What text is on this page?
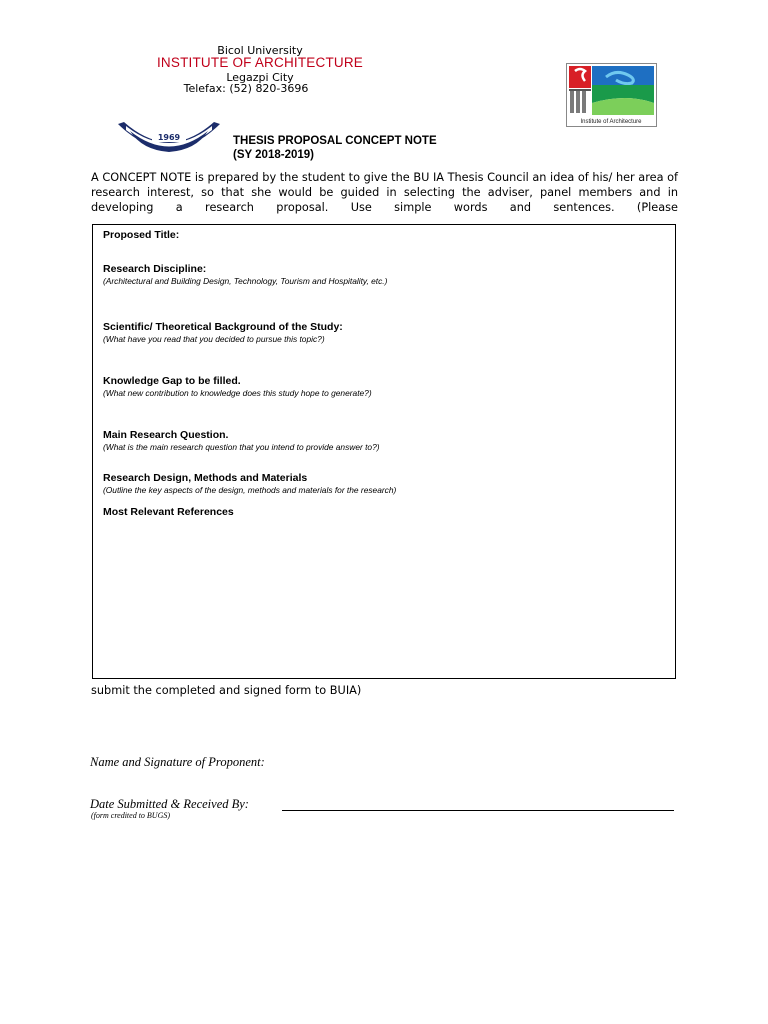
Bicol University
INSTITUTE OF ARCHITECTURE
Legazpi City
Telefax: (52) 820-3696
1969
Institute of Architecture
THESIS PROPOSAL CONCEPT NOTE
(SY 2018-2019)
A CONCEPT NOTE is prepared by the student to give the BU IA Thesis Council an idea of his/ her area of research interest, so that she would be guided in selecting the adviser, panel members and in developing a research proposal. Use simple words and sentences. (Please
Proposed Title:
Research Discipline:
(Architectural and Building Design, Technology, Tourism and Hospitality, etc.)
Scientific/ Theoretical Background of the Study:
(What have you read that you decided to pursue this topic?)
Knowledge Gap to be filled.
(What new contribution to knowledge does this study hope to generate?)
Main Research Question.
(What is the main research question that you intend to provide answer to?)
Research Design, Methods and Materials
(Outline the key aspects of the design, methods and materials for the research)
Most Relevant References
submit the completed and signed form to BUIA)
Name and Signature of Proponent:
Date Submitted & Received By:
(form credited to BUGS)
